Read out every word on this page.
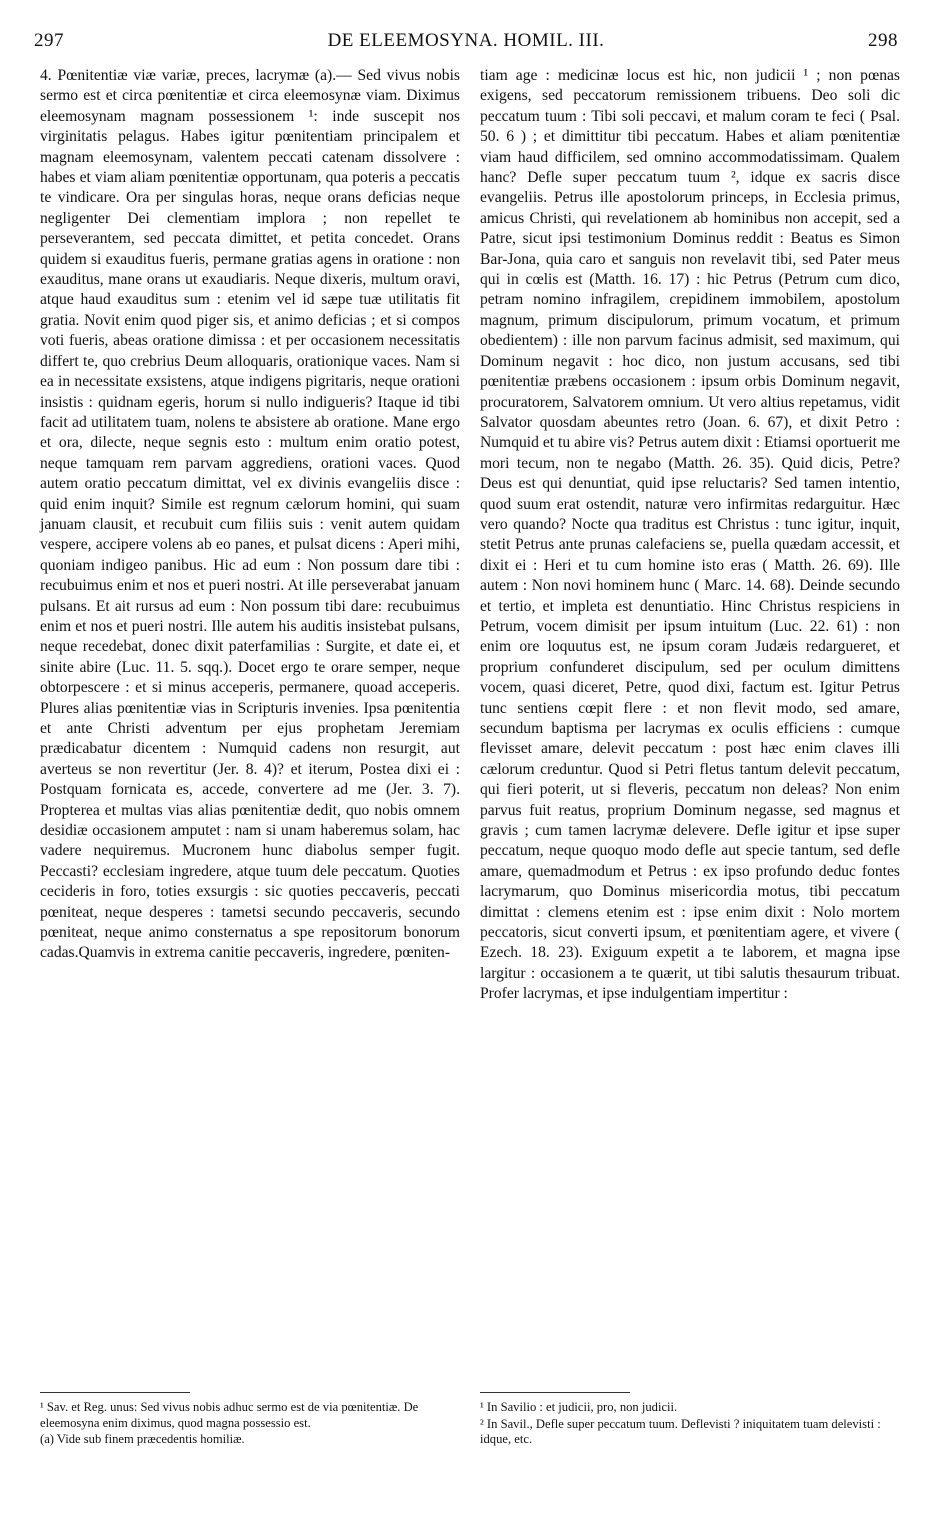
297	DE ELEEMOSYNA. HOMIL. III.	298

4. Pœnitentiæ viæ variæ, preces, lacrymæ (a).— Sed vivus nobis sermo est et circa pœnitentiæ et circa eleemosynæ viam. Diximus eleemosynam magnam possessionem ¹: inde suscepit nos virginitatis pelagus. Habes igitur pœnitentiam principalem et magnam eleemosynam, valentem peccati catenam dissolvere : habes et viam aliam pœnitentiæ opportunam, qua poteris a peccatis te vindicare. Ora per singulas horas, neque orans deficias neque negligenter Dei clementiam implora ; non repellet te perseverantem, sed peccata dimittet, et petita concedet. Orans quidem si exauditus fueris, permane gratias agens in oratione : non exauditus, mane orans ut exaudiaris. Neque dixeris, multum oravi, atque haud exauditus sum : etenim vel id sæpe tuæ utilitatis fit gratia. Novit enim quod piger sis, et animo deficias ; et si compos voti fueris, abeas oratione dimissa : et per occasionem necessitatis differt te, quo crebrius Deum alloquaris, orationique vaces. Nam si ea in necessitate exsistens, atque indigens pigritaris, neque orationi insistis : quidnam egeris, horum si nullo indigueris? Itaque id tibi facit ad utilitatem tuam, nolens te absistere ab oratione. Mane ergo et ora, dilecte, neque segnis esto : multum enim oratio potest, neque tamquam rem parvam aggrediens, orationi vaces. Quod autem oratio peccatum dimittat, vel ex divinis evangeliis disce : quid enim inquit? Simile est regnum cælorum homini, qui suam januam clausit, et recubuit cum filiis suis : venit autem quidam vespere, accipere volens ab eo panes, et pulsat dicens : Aperi mihi, quoniam indigeo panibus. Hic ad eum : Non possum dare tibi : recubuimus enim et nos et pueri nostri. At ille perseverabat januam pulsans. Et ait rursus ad eum : Non possum tibi dare: recubuimus enim et nos et pueri nostri. Ille autem his auditis insistebat pulsans, neque recedebat, donec dixit paterfamilias : Surgite, et date ei, et sinite abire (Luc. 11. 5. sqq.). Docet ergo te orare semper, neque obtorpescere : et si minus acceperis, permanere, quoad acceperis. Plures alias pœnitentiæ vias in Scripturis invenies. Ipsa pœnitentia et ante Christi adventum per ejus prophetam Jeremiam prædicabatur dicentem : Numquid cadens non resurgit, aut averteus se non revertitur (Jer. 8. 4)? et iterum, Postea dixi ei : Postquam fornicata es, accede, convertere ad me (Jer. 3. 7). Propterea et multas vias alias pœnitentiæ dedit, quo nobis omnem desidiæ occasionem amputet : nam si unam haberemus solam, hac vadere nequiremus. Mucronem hunc diabolus semper fugit. Peccasti? ecclesiam ingredere, atque tuum dele peccatum. Quoties cecideris in foro, toties exsurgis : sic quoties peccaveris, peccati pœniteat, neque desperes : tametsi secundo peccaveris, secundo pœniteat, neque animo consternatus a spe repositorum bonorum cadas.Quamvis in extrema canitie peccaveris, ingredere, pœniten-

tiam age : medicinæ locus est hic, non judicii ¹ ; non pœnas exigens, sed peccatorum remissionem tribuens. Deo soli dic peccatum tuum : Tibi soli peccavi, et malum coram te feci ( Psal. 50. 6 ) ; et dimittitur tibi peccatum. Habes et aliam pœnitentiæ viam haud difficilem, sed omnino accommodatissimam. Qualem hanc? Defle super peccatum tuum ², idque ex sacris disce evangeliis. Petrus ille apostolorum princeps, in Ecclesia primus, amicus Christi, qui revelationem ab hominibus non accepit, sed a Patre, sicut ipsi testimonium Dominus reddit : Beatus es Simon Bar-Jona, quia caro et sanguis non revelavit tibi, sed Pater meus qui in cœlis est (Matth. 16. 17) : hic Petrus (Petrum cum dico, petram nomino infragilem, crepidinem immobilem, apostolum magnum, primum discipulorum, primum vocatum, et primum obedientem) : ille non parvum facinus admisit, sed maximum, qui Dominum negavit : hoc dico, non justum accusans, sed tibi pœnitentiæ præbens occasionem : ipsum orbis Dominum negavit, procuratorem, Salvatorem omnium. Ut vero altius repetamus, vidit Salvator quosdam abeuntes retro (Joan. 6. 67), et dixit Petro : Numquid et tu abire vis? Petrus autem dixit : Etiamsi oportuerit me mori tecum, non te negabo (Matth. 26. 35). Quid dicis, Petre? Deus est qui denuntiat, quid ipse reluctaris? Sed tamen intentio, quod suum erat ostendit, naturæ vero infirmitas redarguitur. Hæc vero quando? Nocte qua traditus est Christus : tunc igitur, inquit, stetit Petrus ante prunas calefaciens se, puella quædam accessit, et dixit ei : Heri et tu cum homine isto eras ( Matth. 26. 69). Ille autem : Non novi hominem hunc ( Marc. 14. 68). Deinde secundo et tertio, et impleta est denuntiatio. Hinc Christus respiciens in Petrum, vocem dimisit per ipsum intuitum (Luc. 22. 61) : non enim ore loquutus est, ne ipsum coram Judæis redargueret, et proprium confunderet discipulum, sed per oculum dimittens vocem, quasi diceret, Petre, quod dixi, factum est. Igitur Petrus tunc sentiens cœpit flere : et non flevit modo, sed amare, secundum baptisma per lacrymas ex oculis efficiens : cumque flevisset amare, delevit peccatum : post hæc enim claves illi cælorum creduntur. Quod si Petri fletus tantum delevit peccatum, qui fieri poterit, ut si fleveris, peccatum non deleas? Non enim parvus fuit reatus, proprium Dominum negasse, sed magnus et gravis ; cum tamen lacrymæ delevere. Defle igitur et ipse super peccatum, neque quoquo modo defle aut specie tantum, sed defle amare, quemadmodum et Petrus : ex ipso profundo deduc fontes lacrymarum, quo Dominus misericordia motus, tibi peccatum dimittat : clemens etenim est : ipse enim dixit : Nolo mortem peccatoris, sicut converti ipsum, et pœnitentiam agere, et vivere ( Ezech. 18. 23). Exiguum expetit a te laborem, et magna ipse largitur : occasionem a te quærit, ut tibi salutis thesaurum tribuat. Profer lacrymas, et ipse indulgentiam impertitur :

¹ Sav. et Reg. unus: Sed vivus nobis adhuc sermo est de via pœnitentiæ. De eleemosyna enim diximus, quod magna possessio est.
(a) Vide sub finem præcedentis homiliæ.
¹ In Savilio : et judicii, pro, non judicii.
² In Savil., Defle super peccatum tuum. Deflevisti ? iniquitatem tuam delevisti : idque, etc.
